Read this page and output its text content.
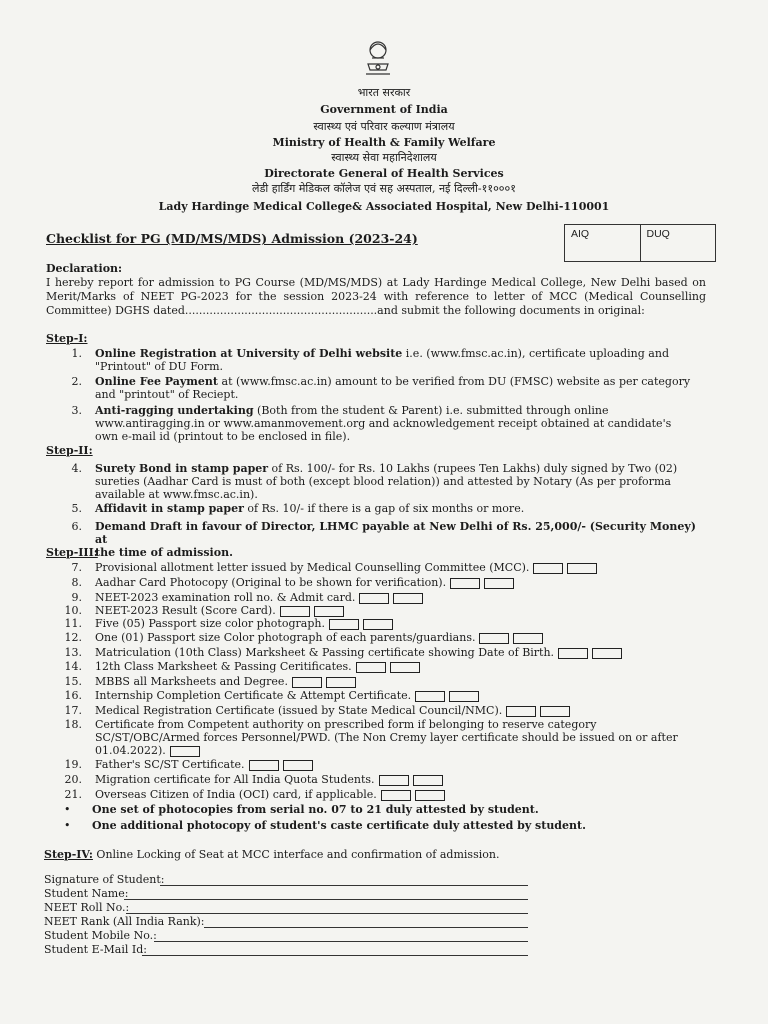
भारत सरकार
Government of India
स्वास्थ्य एवं परिवार कल्याण मंत्रालय
Ministry of Health & Family Welfare
स्वास्थ्य सेवा महानिदेशालय
Directorate General of Health Services
लेडी हार्डिंग मेडिकल कॉलेज एवं सह अस्पताल, नई दिल्ली-११०००१
Lady Hardinge Medical College& Associated Hospital, New Delhi-110001
Checklist for PG (MD/MS/MDS) Admission (2023-24)	AIQ	DUQ
Declaration:
I hereby report for admission to PG Course (MD/MS/MDS) at Lady Hardinge Medical College, New Delhi based on Merit/Marks of NEET PG-2023 for the session 2023-24 with reference to letter of MCC (Medical Counselling Committee) DGHS dated.......................................................and submit the following documents in original:
Step-I:
Step-II:
Step-III:
1. Online Registration at University of Delhi website i.e. (www.fmsc.ac.in), certificate uploading and
"Printout" of DU Form.
2. Online Fee Payment at (www.fmsc.ac.in) amount to be verified from DU (FMSC) website as per category
and "printout" of Reciept.
3. Anti-ragging undertaking (Both from the student & Parent) i.e. submitted through online
www.antiragging.in or www.amanmovement.org and acknowledgement receipt obtained at candidate's
own e-mail id (printout to be enclosed in file).
4. Surety Bond in stamp paper of Rs. 100/- for Rs. 10 Lakhs (rupees Ten Lakhs) duly signed by Two (02)
sureties (Aadhar Card is must of both (except blood relation)) and attested by Notary (As per proforma
available at www.fmsc.ac.in).
5. Affidavit in stamp paper of Rs. 10/- if there is a gap of six months or more.
6. Demand Draft in favour of Director, LHMC payable at New Delhi of Rs. 25,000/- (Security Money) at
the time of admission.
7. Provisional allotment letter issued by Medical Counselling Committee (MCC).
8. Aadhar Card Photocopy (Original to be shown for verification).
9. NEET-2023 examination roll no. & Admit card.
10. NEET-2023 Result (Score Card).
11. Five (05) Passport size color photograph.
12. One (01) Passport size Color photograph of each parents/guardians.
13. Matriculation (10th Class) Marksheet & Passing certificate showing Date of Birth.
14. 12th Class Marksheet & Passing Ceritificates.
15. MBBS all Marksheets and Degree.
16. Internship Completion Certificate & Attempt Certificate.
17. Medical Registration Certificate (issued by State Medical Council/NMC).
18. Certificate from Competent authority on prescribed form if belonging to reserve category
SC/ST/OBC/Armed forces Personnel/PWD. (The Non Cremy layer certificate should be issued on or after
01.04.2022).
19. Father's SC/ST Certificate.
20. Migration certificate for All India Quota Students.
21. Overseas Citizen of India (OCI) card, if applicable.
• One set of photocopies from serial no. 07 to 21 duly attested by student.
• One additional photocopy of student's caste certificate duly attested by student.
Step-IV: Online Locking of Seat at MCC interface and confirmation of admission.
Signature of Student:
Student Name:
NEET Roll No.:
NEET Rank (All India Rank):
Student Mobile No.:
Student E-Mail Id:
